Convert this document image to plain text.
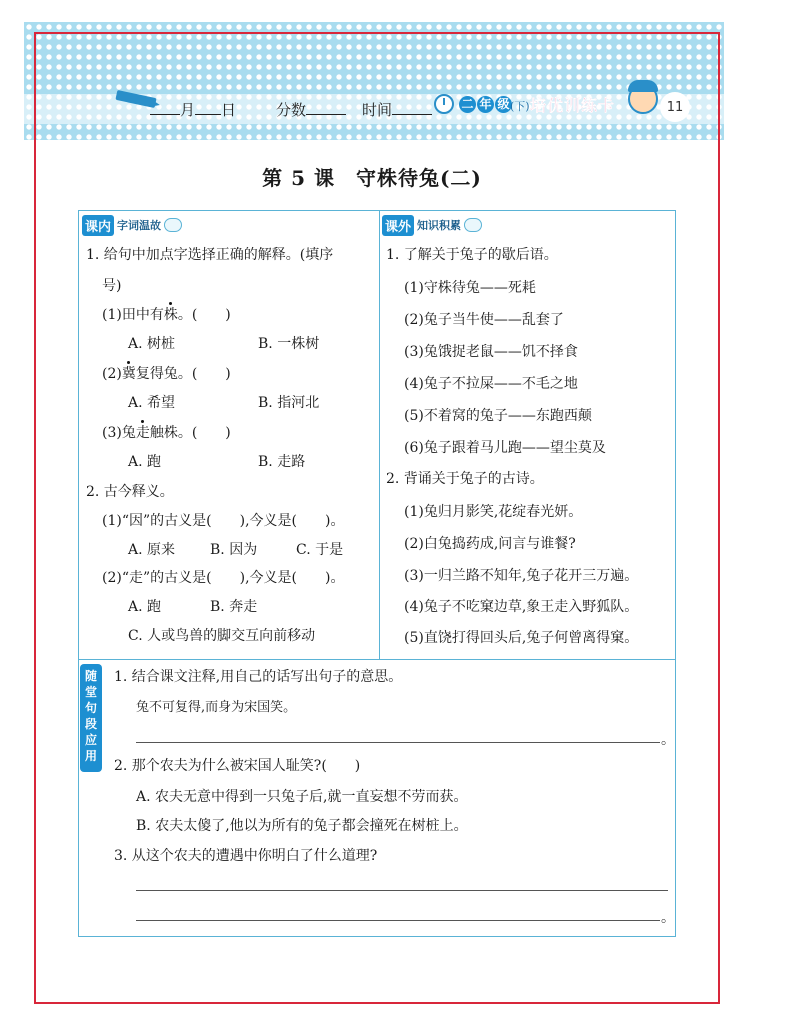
月 日	分数	时间	二 年 级 (下) 培优训练卡	11
第 5 课　守株待兔(二)
课内 字词温故
1. 给句中加点字选择正确的解释。(填序
号)
(1)田中有株。(　　)
A. 树桩	B. 一株树
(2)冀复得兔。(　　)
A. 希望	B. 指河北
(3)兔走触株。(　　)
A. 跑	B. 走路
2. 古今释义。
(1)“因”的古义是(　　),今义是(　　)。
A. 原来 B. 因为	C. 于是
(2)“走”的古义是(　　),今义是(　　)。
A. 跑	B. 奔走
C. 人或鸟兽的脚交互向前移动
课外 知识积累
1. 了解关于兔子的歇后语。
(1)守株待兔——死耗
(2)兔子当牛使——乱套了
(3)兔饿捉老鼠——饥不择食
(4)兔子不拉屎——不毛之地
(5)不着窝的兔子——东跑西颠
(6)兔子跟着马儿跑——望尘莫及
2. 背诵关于兔子的古诗。
(1)兔归月影笑,花绽春光妍。
(2)白兔捣药成,问言与谁餐?
(3)一归兰路不知年,兔子花开三万遍。
(4)兔子不吃窠边草,象王走入野狐队。
(5)直饶打得回头后,兔子何曾离得窠。
随
堂
句
段
应
用
1. 结合课文注释,用自己的话写出句子的意思。
兔不可复得,而身为宋国笑。
。
2. 那个农夫为什么被宋国人耻笑?(　　)
A. 农夫无意中得到一只兔子后,就一直妄想不劳而获。
B. 农夫太傻了,他以为所有的兔子都会撞死在树桩上。
3. 从这个农夫的遭遇中你明白了什么道理?
。
